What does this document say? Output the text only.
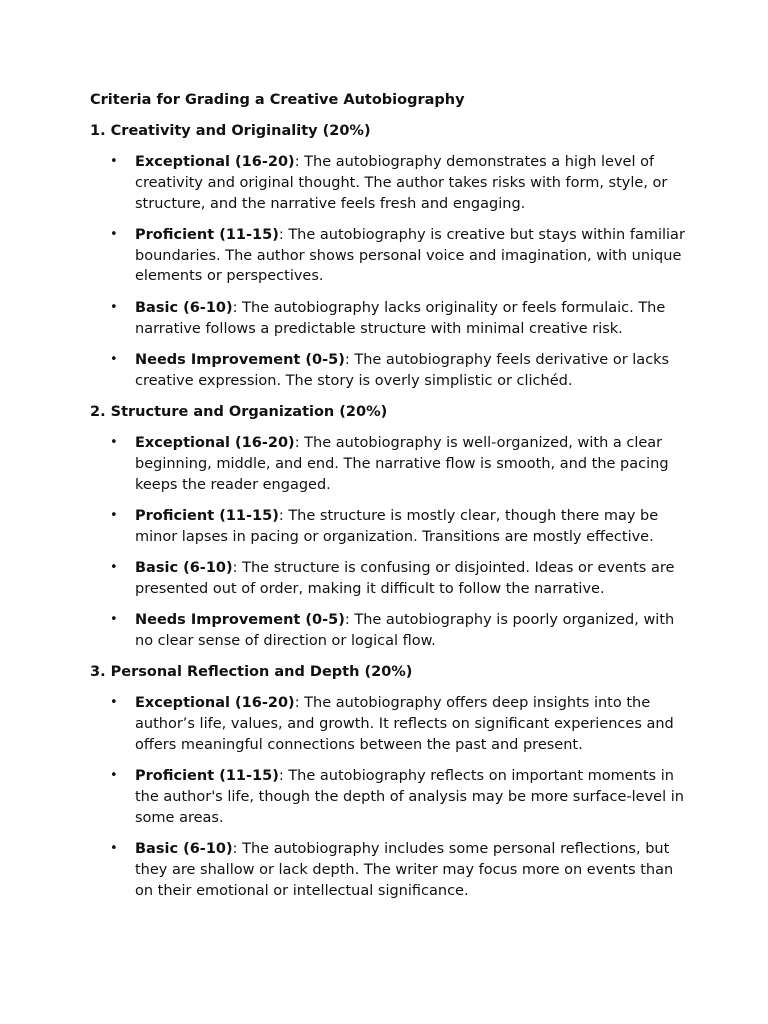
Criteria for Grading a Creative Autobiography
1. Creativity and Originality (20%)
• Exceptional (16-20): The autobiography demonstrates a high level of creativity and original thought. The author takes risks with form, style, or structure, and the narrative feels fresh and engaging.
• Proficient (11-15): The autobiography is creative but stays within familiar boundaries. The author shows personal voice and imagination, with unique elements or perspectives.
• Basic (6-10): The autobiography lacks originality or feels formulaic. The narrative follows a predictable structure with minimal creative risk.
• Needs Improvement (0-5): The autobiography feels derivative or lacks creative expression. The story is overly simplistic or clichéd.
2. Structure and Organization (20%)
• Exceptional (16-20): The autobiography is well-organized, with a clear beginning, middle, and end. The narrative flow is smooth, and the pacing keeps the reader engaged.
• Proficient (11-15): The structure is mostly clear, though there may be minor lapses in pacing or organization. Transitions are mostly effective.
• Basic (6-10): The structure is confusing or disjointed. Ideas or events are presented out of order, making it difficult to follow the narrative.
• Needs Improvement (0-5): The autobiography is poorly organized, with no clear sense of direction or logical flow.
3. Personal Reflection and Depth (20%)
• Exceptional (16-20): The autobiography offers deep insights into the author’s life, values, and growth. It reflects on significant experiences and offers meaningful connections between the past and present.
• Proficient (11-15): The autobiography reflects on important moments in the author's life, though the depth of analysis may be more surface-level in some areas.
• Basic (6-10): The autobiography includes some personal reflections, but they are shallow or lack depth. The writer may focus more on events than on their emotional or intellectual significance.
